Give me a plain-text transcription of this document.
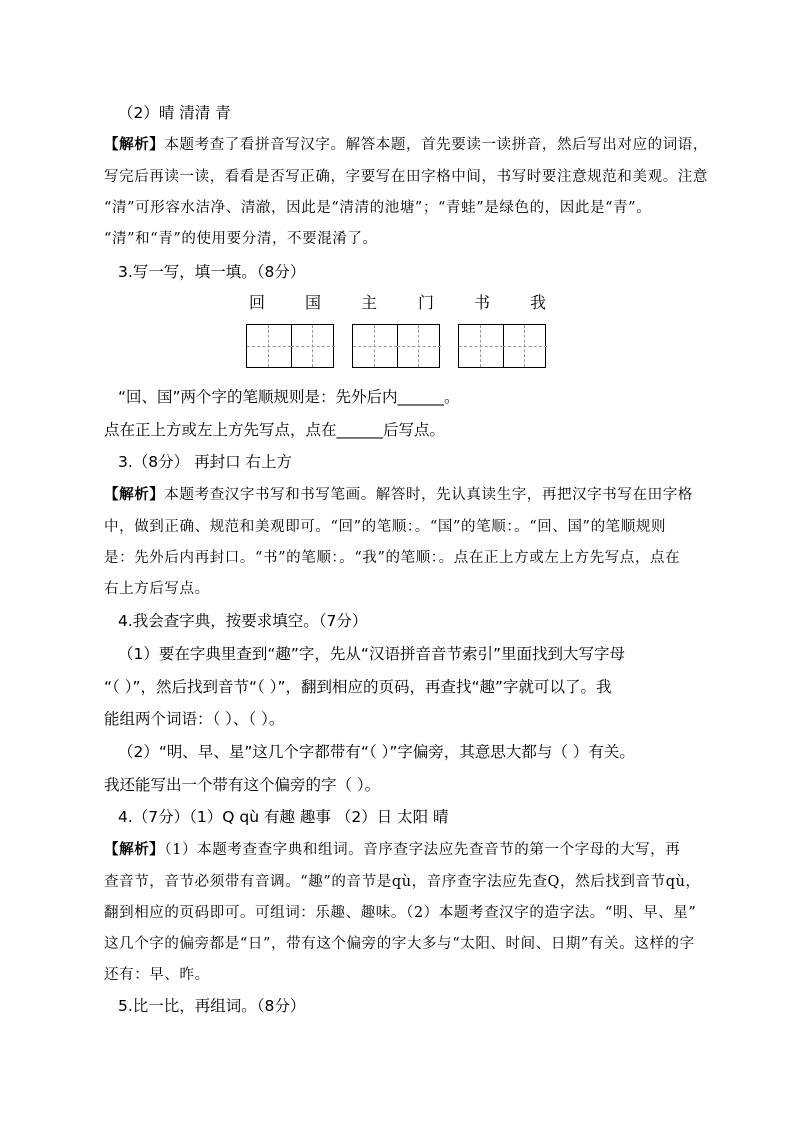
（2）晴 清清 青
【解析】本题考查了看拼音写汉字。解答本题，首先要读一读拼音，然后写出对应的词语，
写完后再读一读，看看是否写正确，字要写在田字格中间，书写时要注意规范和美观。注意
“清”可形容水洁净、清澈，因此是“清清的池塘”；“青蛙”是绿色的，因此是“青”。
“清”和“青”的使用要分清，不要混淆了。
3.写一写，填一填。（8分）
回 国 主	门 书 我
“回、国”两个字的笔顺规则是：先外后内______。
点在正上方或左上方先写点，点在______后写点。
3.（8分） 再封口 右上方
【解析】本题考查汉字书写和书写笔画。解答时，先认真读生字，再把汉字书写在田字格
中，做到正确、规范和美观即可。“回”的笔顺：。“国”的笔顺：。“回、国”的笔顺规则
是：先外后内再封口。“书”的笔顺：。“我”的笔顺：。点在正上方或左上方先写点，点在
右上方后写点。
4.我会查字典，按要求填空。（7分）
（1）要在字典里查到“趣”字，先从“汉语拼音音节索引”里面找到大写字母
“（ ）”，然后找到音节“（ ）”，翻到相应的页码，再查找“趣”字就可以了。我
能组两个词语：（ ）、（ ）。
（2）“明、早、星”这几个字都带有“（ ）”字偏旁，其意思大都与（ ）有关。
我还能写出一个带有这个偏旁的字（ ）。
4.（7分）（1）Q qù 有趣 趣事 （2）日 太阳 晴
【解析】（1）本题考查查字典和组词。音序查字法应先查音节的第一个字母的大写，再
查音节，音节必须带有音调。“趣”的音节是qù，音序查字法应先查Q，然后找到音节qù，
翻到相应的页码即可。可组词：乐趣、趣味。（2）本题考查汉字的造字法。“明、早、星”
这几个字的偏旁都是“日”，带有这个偏旁的字大多与“太阳、时间、日期”有关。这样的字
还有：早、昨。
5.比一比，再组词。（8分）
